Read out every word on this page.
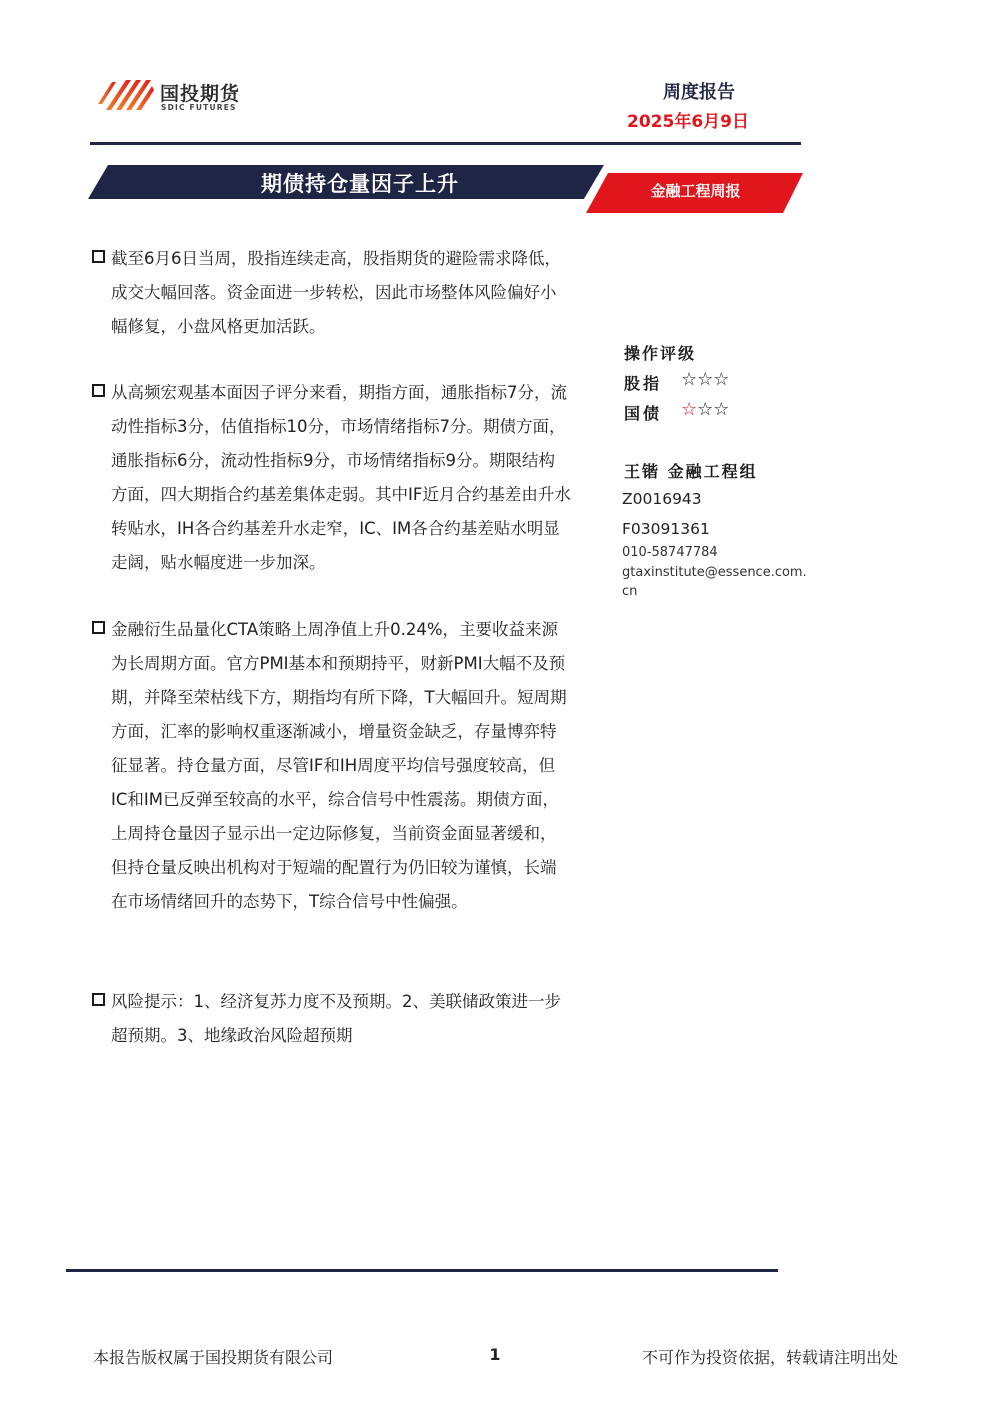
国投期货
SDIC FUTURES
周度报告
2025年6月9日
期债持仓量因子上升	金融工程周报
截至6月6日当周，股指连续走高，股指期货的避险需求降低，成交大幅回落。资金面进一步转松，因此市场整体风险偏好小幅修复，小盘风格更加活跃。
从高频宏观基本面因子评分来看，期指方面，通胀指标7分，流动性指标3分，估值指标10分，市场情绪指标7分。期债方面，通胀指标6分，流动性指标9分，市场情绪指标9分。期限结构方面，四大期指合约基差集体走弱。其中IF近月合约基差由升水转贴水，IH各合约基差升水走窄，IC、IM各合约基差贴水明显走阔，贴水幅度进一步加深。
金融衍生品量化CTA策略上周净值上升0.24%，主要收益来源为长周期方面。官方PMI基本和预期持平，财新PMI大幅不及预期，并降至荣枯线下方，期指均有所下降，T大幅回升。短周期方面，汇率的影响权重逐渐减小，增量资金缺乏，存量博弈特征显著。持仓量方面，尽管IF和IH周度平均信号强度较高，但IC和IM已反弹至较高的水平，综合信号中性震荡。期债方面，上周持仓量因子显示出一定边际修复，当前资金面显著缓和，但持仓量反映出机构对于短端的配置行为仍旧较为谨慎，长端在市场情绪回升的态势下，T综合信号中性偏强。
风险提示：1、经济复苏力度不及预期。2、美联储政策进一步超预期。3、地缘政治风险超预期
操作评级
股指 ☆☆☆
国债 ☆☆☆
王锴 金融工程组
Z0016943
F03091361
010-58747784
gtaxinstitute@essence.com.
cn
本报告版权属于国投期货有限公司	1	不可作为投资依据，转载请注明出处
